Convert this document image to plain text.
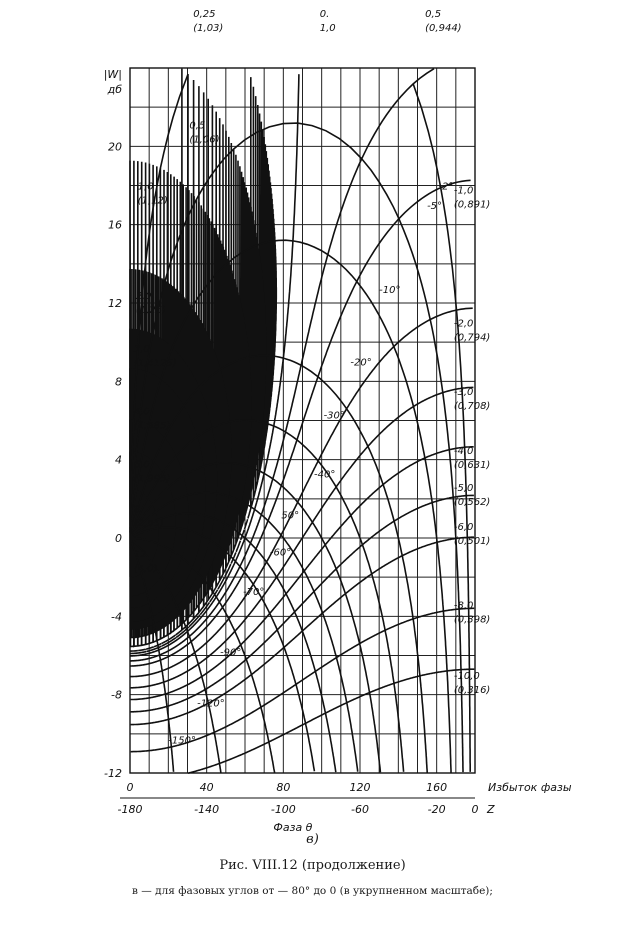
0,25
(1,03)
0,5
(1,06)
1,0
(1,12)
2,0
(1,26)
3,0
(1,4125)
4,0
(1,585)
6,0
(1,995)
8
(2,51)
12
(4,0)
0.
1,0
0,5
(0,944)
-1,0
(0,891)
-2,0
(0,794)
-3,0
(0,708)
-4,0
(0,631)
-5,0
(0,562)
-6,0
(0,501)
-8,0
(0,398)
-10,0
(0,316)
-2°
-5°
-10°
-20°
-30°
-40°
50°
-60°
-70°
-90°
-120°
-150°
-12
-8
-4
0
4
8
12
16
20
|W|
дб
0	40	80	120	160	Избыток фазы
-180	-140	-100	-60	-20 0 Z
Фаза θ
в)
Рис. VIII.12 (продолжение)
в — для фазовых углов от — 80° до 0 (в укрупненном масштабе);
